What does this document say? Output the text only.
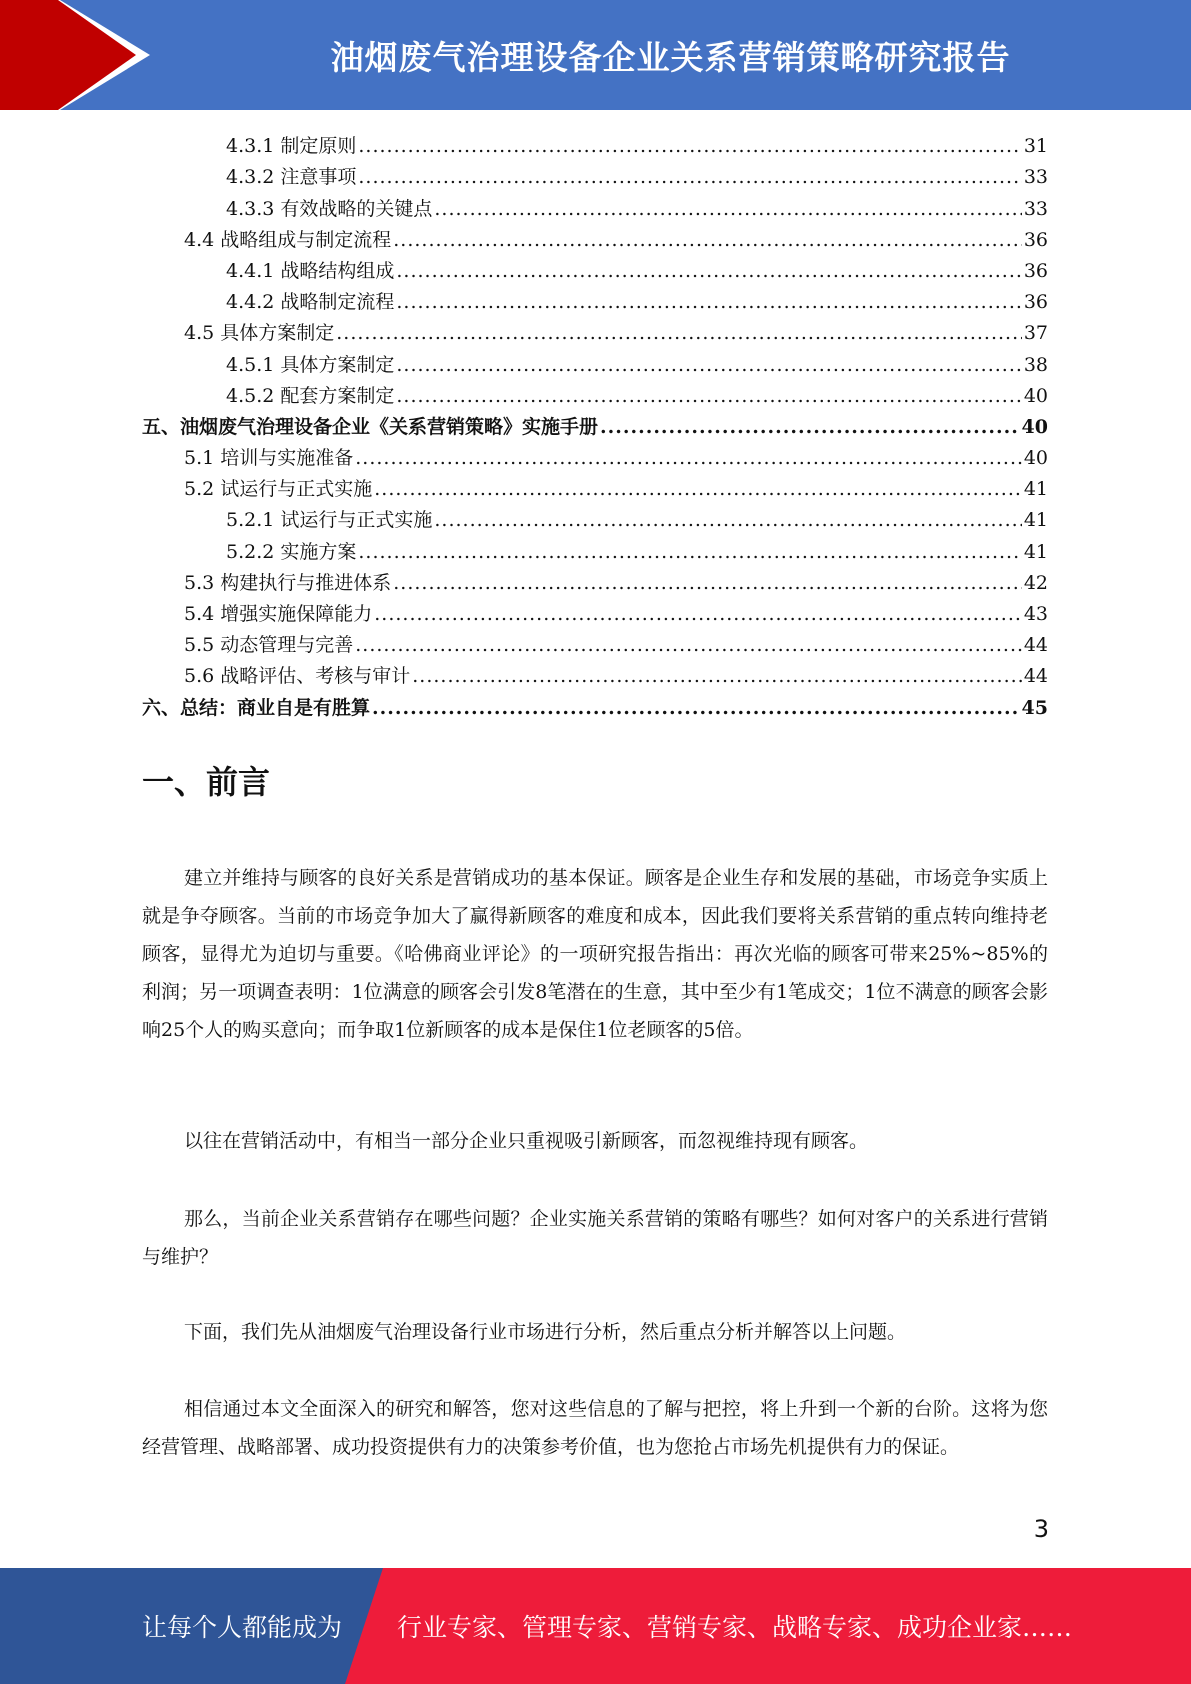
油烟废气治理设备企业关系营销策略研究报告
4.3.1 制定原则 .....	31
4.3.2 注意事项 .....	33
4.3.3 有效战略的关键点 .....	33
4.4 战略组成与制定流程 .....	36
4.4.1 战略结构组成 .....	36
4.4.2 战略制定流程 .....	36
4.5 具体方案制定 .....	37
4.5.1 具体方案制定 .....	38
4.5.2 配套方案制定 .....	40
五、油烟废气治理设备企业《关系营销策略》实施手册 .....	40
5.1 培训与实施准备 .....	40
5.2 试运行与正式实施 .....	41
5.2.1 试运行与正式实施 .....	41
5.2.2 实施方案 .....	41
5.3 构建执行与推进体系 .....	42
5.4 增强实施保障能力 .....	43
5.5 动态管理与完善 .....	44
5.6 战略评估、考核与审计 .....	44
六、总结：商业自是有胜算 .....	45
一、前言

建立并维持与顾客的良好关系是营销成功的基本保证。顾客是企业生存和发展的基础，市场竞争实质上就是争夺顾客。当前的市场竞争加大了赢得新顾客的难度和成本，因此我们要将关系营销的重点转向维持老顾客，显得尤为迫切与重要。《哈佛商业评论》的一项研究报告指出：再次光临的顾客可带来25%~85%的利润；另一项调查表明：1位满意的顾客会引发8笔潜在的生意，其中至少有1笔成交；1位不满意的顾客会影响25个人的购买意向；而争取1位新顾客的成本是保住1位老顾客的5倍。

以往在营销活动中，有相当一部分企业只重视吸引新顾客，而忽视维持现有顾客。

那么，当前企业关系营销存在哪些问题？企业实施关系营销的策略有哪些？如何对客户的关系进行营销与维护？

下面，我们先从油烟废气治理设备行业市场进行分析，然后重点分析并解答以上问题。

相信通过本文全面深入的研究和解答，您对这些信息的了解与把控，将上升到一个新的台阶。这将为您经营管理、战略部署、成功投资提供有力的决策参考价值，也为您抢占市场先机提供有力的保证。

3
让每个人都能成为 行业专家、管理专家、营销专家、战略专家、成功企业家……
